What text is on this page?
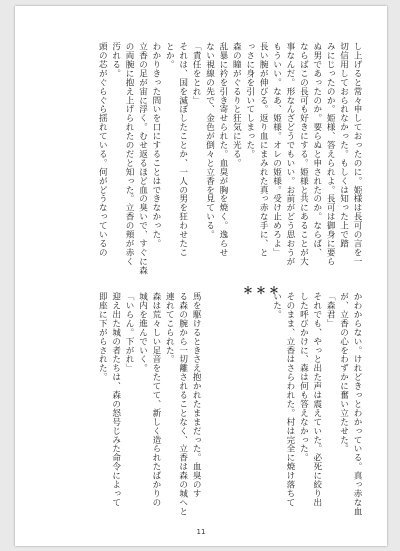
し上げると常々申しておったのに。姫様は長可の言を一
切信用しておられなかった。もしくは知った上で踏
みにじったのか。姫様、答えられよ。長可は御身に要ら
ぬ男であったのか。要らぬと申されたのか。ならば、
ならばこの長可も好きにする。姫様と共にあることが大
事なんだ。形なんざどうでもいい。お前がどう思おうが
もういい。なあ、姫様。オレの姫様。受け止めろよ」
長い腕が伸びる。返り血にまみれた真っ赤な手に、と
っさに身を引いてしまった。
森の瞳がぐるりと狂気に光る。
乱暴に衿を引き寄せられた。血臭が胸を焼く。逸らせ
ない視線の先で、金色が倒々と立香を見ている。
「責任をとれ」
それは、国を滅ぼしたことか、一人の男を狂わせたこ
とか。
わかりきった問いを口にすることはできなかった。
立香の足が宙に浮く。むせ返るほど血の臭いで、すぐに森
の両腕に抱え上げられたのだと知った。立香の頬が赤く
汚れる。
頭の芯がぐらぐら揺れている。何がどうなっているの
＊＊＊
かわからない。けれどきっとわかっている。真っ赤な血
が、立香の心をわずかに奮い立たせた。
「森君」
それでも、やっと出た声は震えていた。必死に絞り出
した呼びかけに、森は何も答えなかった。
そのまま、立香はさらわれた。村は完全に焼け落ちて
いた。
馬を駆けるときさえ抱かれたままだった。血臭のす
る森の腕から一切離されることなく、立香は森の城へと
連れてこられた。
森は荒々しい足音をたてて、新しく造られたばかりの
城内を進んでいく。
「いらん。下がれ」
迎え出た城の者たちは、森の怒号じみた命令によって
即座に下がらされた。
11
